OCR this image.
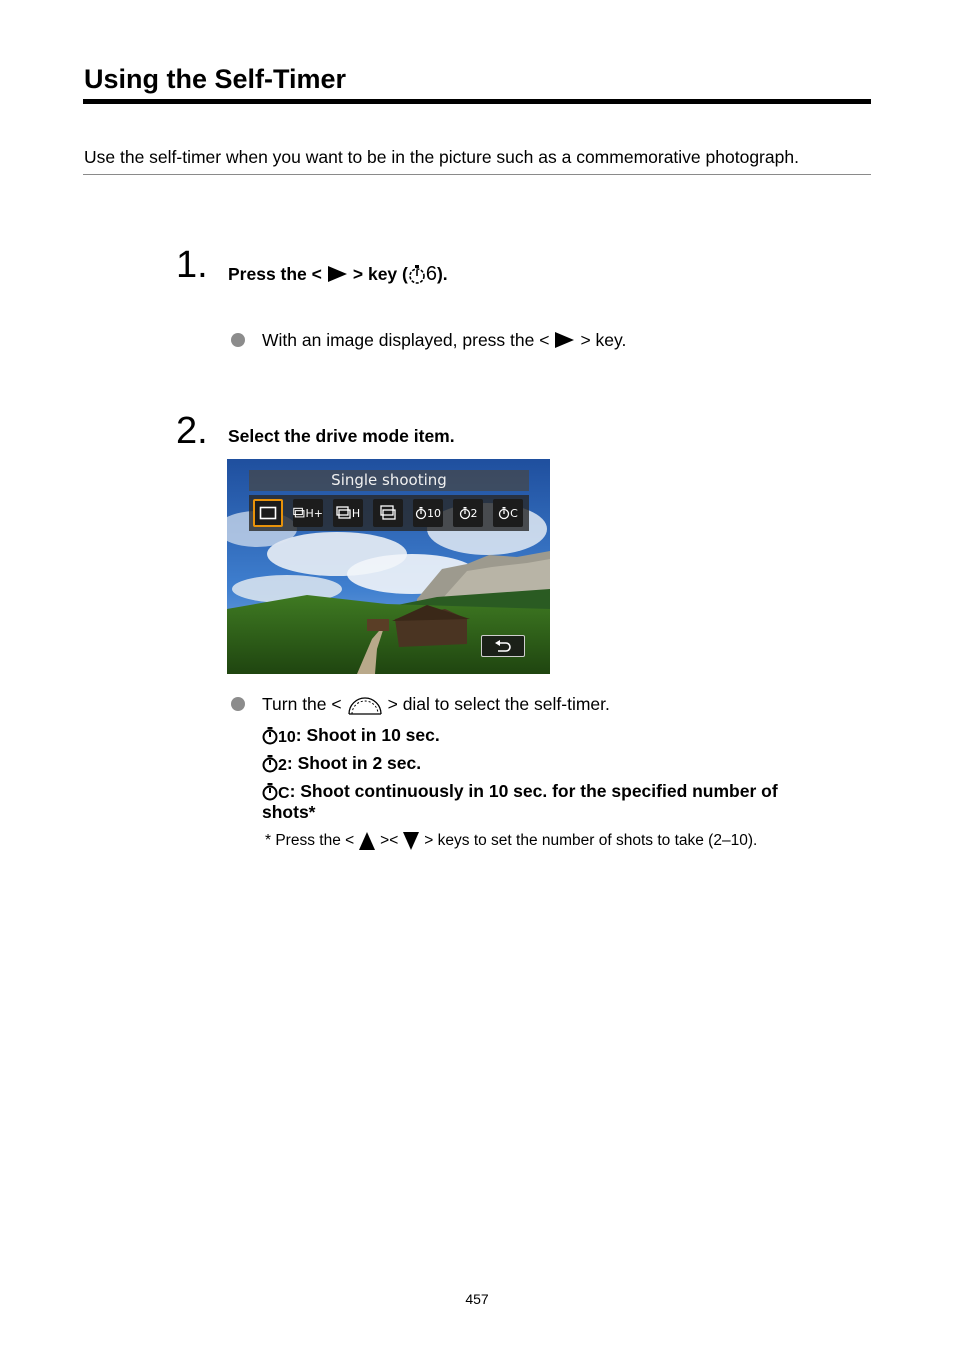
Using the Self-Timer
Use the self-timer when you want to be in the picture such as a commemorative photograph.
1. Press the < > key ( 6 ).
With an image displayed, press the < > key.
2. Select the drive mode item.
Single shooting
H+	H	10	2	C
Turn the <	> dial to select the self-timer.
10 : Shoot in 10 sec.
2 : Shoot in 2 sec.
C : Shoot continuously in 10 sec. for the specified number of
shots*
* Press the < >< > keys to set the number of shots to take (2–10).
457
